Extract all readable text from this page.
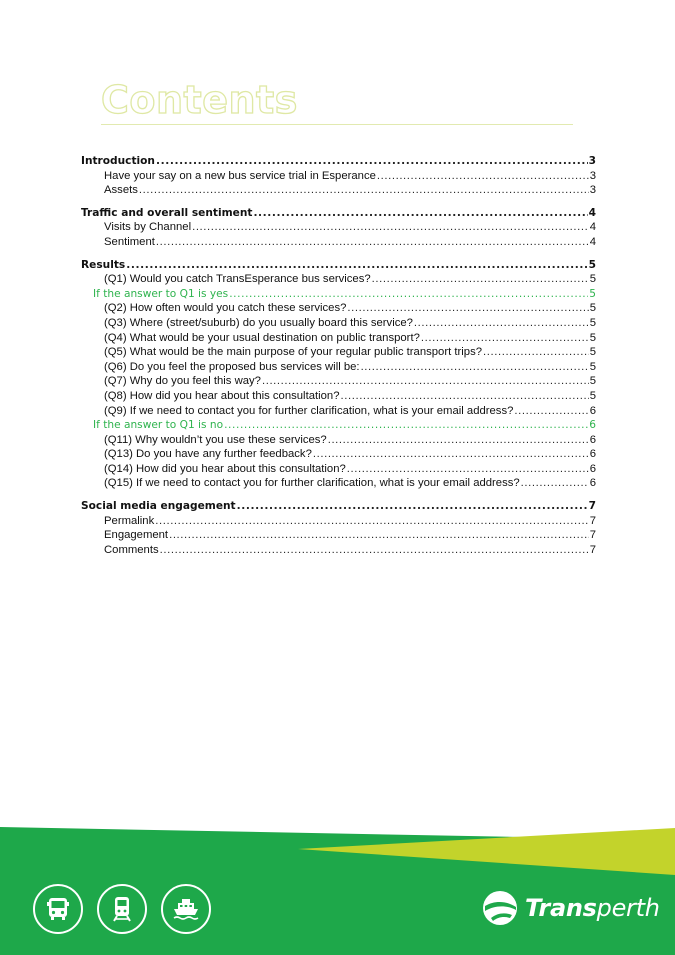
Contents
Introduction .....	3
Have your say on a new bus service trial in Esperance .....	3
Assets .....	3
Traffic and overall sentiment .....	4
Visits by Channel .....	4
Sentiment .....	4
Results .....	5
(Q1) Would you catch TransEsperance bus services? .....	5
If the answer to Q1 is yes .....	5
(Q2) How often would you catch these services? .....	5
(Q3) Where (street/suburb) do you usually board this service? .....	5
(Q4) What would be your usual destination on public transport? .....	5
(Q5) What would be the main purpose of your regular public transport trips? .....	5
(Q6) Do you feel the proposed bus services will be: .....	5
(Q7) Why do you feel this way? .....	5
(Q8) How did you hear about this consultation? .....	5
(Q9) If we need to contact you for further clarification, what is your email address? .....	6
If the answer to Q1 is no .....	6
(Q11) Why wouldn’t you use these services? .....	6
(Q13) Do you have any further feedback? .....	6
(Q14) How did you hear about this consultation? .....	6
(Q15) If we need to contact you for further clarification, what is your email address? .....	6
Social media engagement .....	7
Permalink .....	7
Engagement .....	7
Comments .....	7
Transperth
